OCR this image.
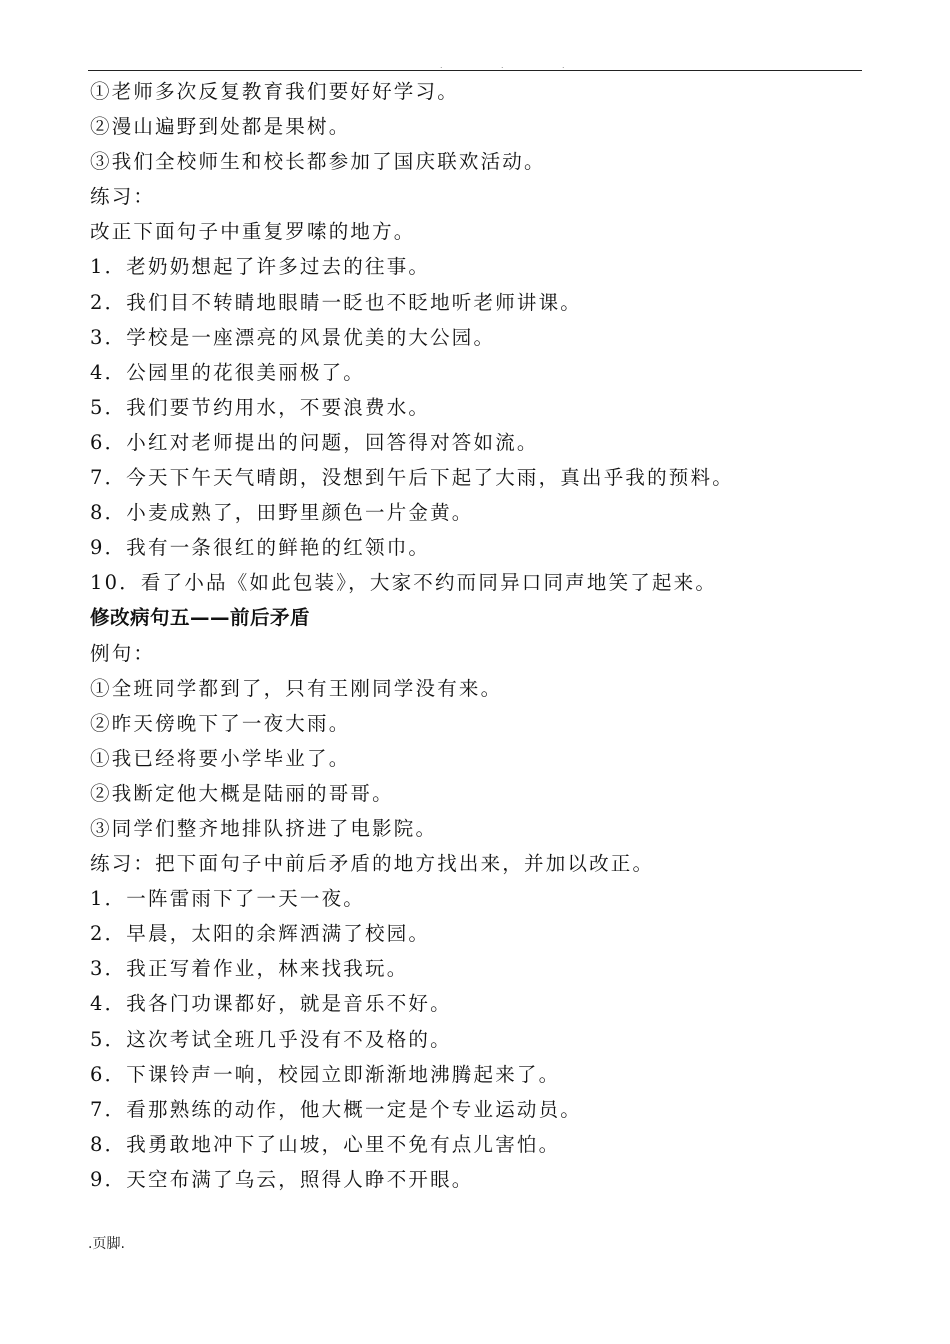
. . .
①老师多次反复教育我们要好好学习。
②漫山遍野到处都是果树。
③我们全校师生和校长都参加了国庆联欢活动。
练习：
改正下面句子中重复罗嗦的地方。
1．老奶奶想起了许多过去的往事。
2．我们目不转睛地眼睛一眨也不眨地听老师讲课。
3．学校是一座漂亮的风景优美的大公园。
4．公园里的花很美丽极了。
5．我们要节约用水，不要浪费水。
6．小红对老师提出的问题，回答得对答如流。
7．今天下午天气晴朗，没想到午后下起了大雨，真出乎我的预料。
8．小麦成熟了，田野里颜色一片金黄。
9．我有一条很红的鲜艳的红领巾。
10．看了小品《如此包装》，大家不约而同异口同声地笑了起来。
修改病句五——前后矛盾
例句：
①全班同学都到了，只有王刚同学没有来。
②昨天傍晚下了一夜大雨。
①我已经将要小学毕业了。
②我断定他大概是陆丽的哥哥。
③同学们整齐地排队挤进了电影院。
练习：把下面句子中前后矛盾的地方找出来，并加以改正。
1．一阵雷雨下了一天一夜。
2．早晨，太阳的余辉洒满了校园。
3．我正写着作业，林来找我玩。
4．我各门功课都好，就是音乐不好。
5．这次考试全班几乎没有不及格的。
6．下课铃声一响，校园立即渐渐地沸腾起来了。
7．看那熟练的动作，他大概一定是个专业运动员。
8．我勇敢地冲下了山坡，心里不免有点儿害怕。
9．天空布满了乌云，照得人睁不开眼。
.页脚.
